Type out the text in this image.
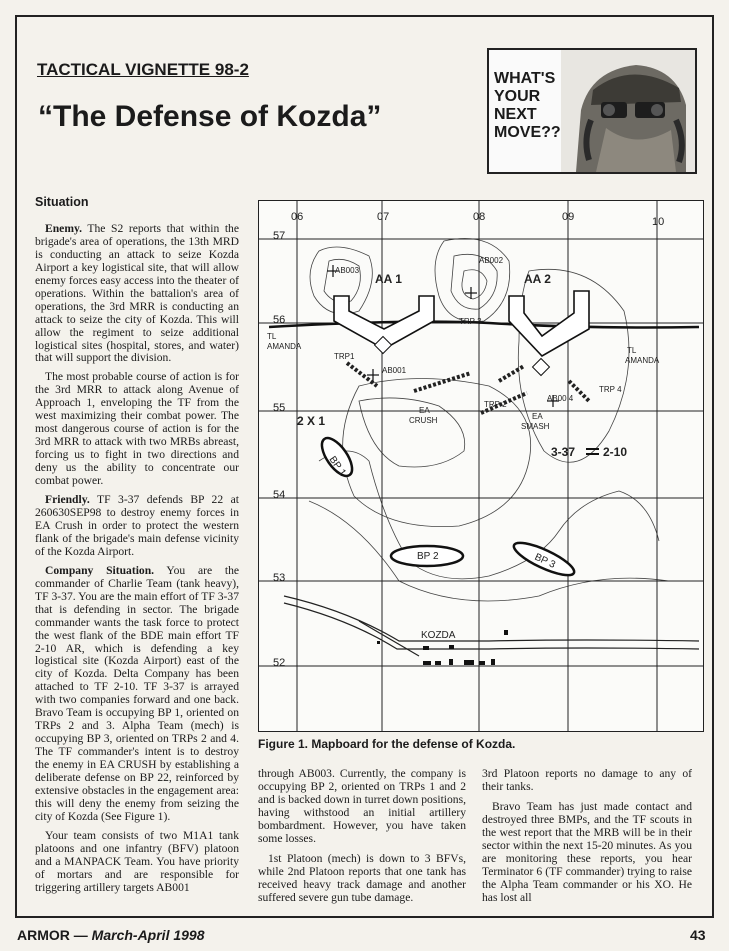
TACTICAL VIGNETTE 98-2
“The Defense of Kozda”
WHAT'S
YOUR
NEXT
MOVE??
Situation

Enemy. The S2 reports that within the brigade's area of operations, the 13th MRD is conducting an attack to seize Kozda Airport a key logistical site, that will allow enemy forces easy access into the theater of operations. Within the battalion's area of operations, the 3rd MRR is conducting an attack to seize the city of Kozda. This will allow the regiment to seize additional logistical sites (hospital, stores, and water) that will support the division.

The most probable course of action is for the 3rd MRR to attack along Avenue of Approach 1, enveloping the TF from the west maximizing their combat power. The most dangerous course of action is for the 3rd MRR to attack with two MRBs abreast, forcing us to fight in two directions and deny us the ability to concentrate our combat power.

Friendly. TF 3-37 defends BP 22 at 260630SEP98 to destroy enemy forces in EA Crush in order to protect the western flank of the brigade's main defense vicinity of the Kozda Airport.

Company Situation. You are the commander of Charlie Team (tank heavy), TF 3-37. You are the main effort of TF 3-37 that is defending in sector. The brigade commander wants the task force to protect the west flank of the BDE main effort TF 2-10 AR, which is defending a key logistical site (Kozda Airport) east of the city of Kozda. Delta Company has been attached to TF 2-10. TF 3-37 is arrayed with two companies forward and one back. Bravo Team is occupying BP 1, oriented on TRPs 2 and 3. Alpha Team (mech) is occupying BP 3, oriented on TRPs 2 and 4. The TF commander's intent is to destroy the enemy in EA CRUSH by establishing a deliberate defense on BP 22, reinforced by extensive obstacles in the engagement area: this will deny the enemy from seizing the city of Kozda (See Figure 1).

Your team consists of two M1A1 tank platoons and one infantry (BFV) platoon and a MANPACK Team. You have priority of mortars and are responsible for triggering artillery targets AB001

06	07	08	09	10
57
56
55
54
53
52
AA 1	AA 2
AB003
AB002
AB001
AB00 4
TRP1
TRP 2
TRP 3
TRP 4
TL
AMANDA	TL
AMANDA
EA
CRUSH	EA
SMASH
BP 1
BP 2	BP 3
2 X 1
3-37 2-10
KOZDA
Figure 1. Mapboard for the defense of Kozda.

through AB003. Currently, the company is occupying BP 2, oriented on TRPs 1 and 2 and is backed down in turret down positions, having withstood an initial artillery bombardment. However, you have taken some losses.

1st Platoon (mech) is down to 3 BFVs, while 2nd Platoon reports that one tank has received heavy track damage and another suffered severe gun tube damage.

3rd Platoon reports no damage to any of their tanks.

Bravo Team has just made contact and destroyed three BMPs, and the TF scouts in the west report that the MRB will be in their sector within the next 15-20 minutes. As you are monitoring these reports, you hear Terminator 6 (TF commander) trying to raise the Alpha Team commander or his XO. He has lost all

ARMOR — March-April 1998	43
